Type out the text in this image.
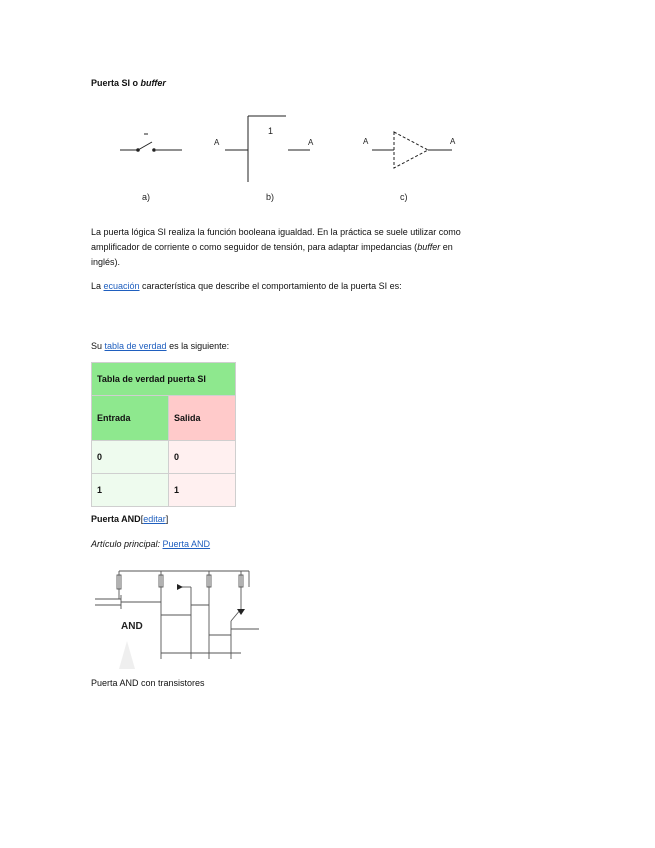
Puerta SI o buffer
1
A	A	A	A
a)	b)	c)
La puerta lógica SI realiza la función booleana igualdad. En la práctica se suele utilizar como
amplificador de corriente o como seguidor de tensión, para adaptar impedancias (buffer en
inglés).
La ecuación característica que describe el comportamiento de la puerta SI es:
Su tabla de verdad es la siguiente:
Tabla de verdad puerta SI	
Entrada	Salida
0	0
1	1
Puerta AND[editar]
Artículo principal: Puerta AND
AND
Puerta AND con transistores
